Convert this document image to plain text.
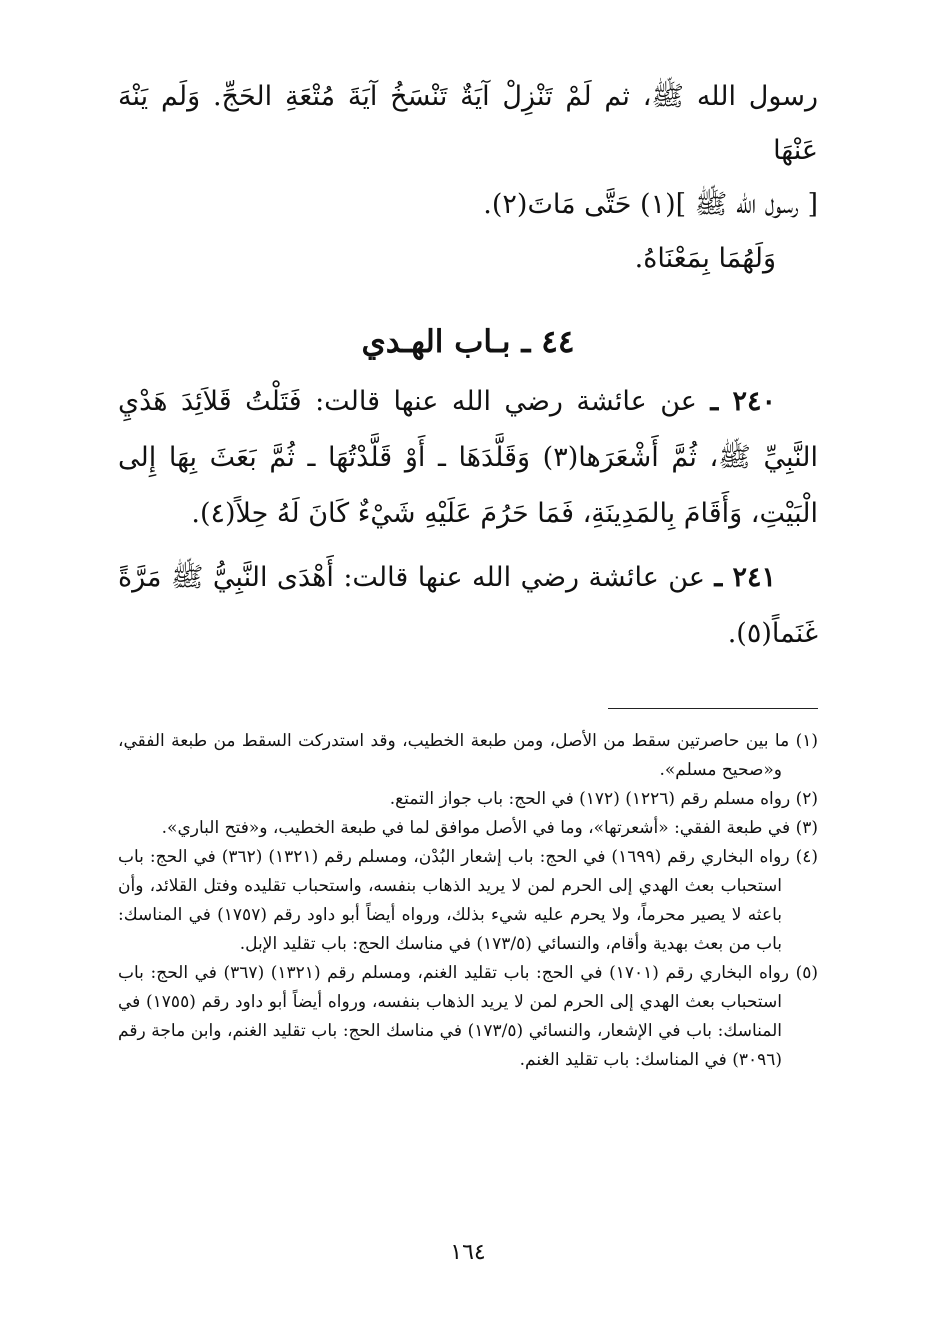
رسول الله ﷺ، ثم لَمْ تَنْزِلْ آيَةٌ تَنْسَخُ آيَةَ مُتْعَةِ الحَجِّ. وَلَم يَنْهَ عَنْهَا

[ رسول الله ﷺ ](١) حَتَّى مَاتَ(٢).

وَلَهُمَا بِمَعْنَاهُ.

٤٤ ـ بـاب الهـدي

٢٤٠ ـ عن عائشة رضي الله عنها قالت: فَتَلْتُ قَلاَئِدَ هَدْيِ النَّبِيِّ ﷺ، ثُمَّ أَشْعَرَها(٣) وَقَلَّدَهَا ـ أَوْ قَلَّدْتُهَا ـ ثُمَّ بَعَثَ بِهَا إِلى الْبَيْتِ، وَأَقَامَ بِالمَدِينَةِ، فَمَا حَرُمَ عَلَيْهِ شَيْءٌ كَانَ لَهُ حِلاً(٤).

٢٤١ ـ عن عائشة رضي الله عنها قالت: أَهْدَى النَّبِيُّ ﷺ مَرَّةً غَنَماً(٥).

(١) ما بين حاصرتين سقط من الأصل، ومن طبعة الخطيب، وقد استدركت السقط من طبعة الفقي، و«صحيح مسلم».

(٢) رواه مسلم رقم (١٢٢٦) (١٧٢) في الحج: باب جواز التمتع.

(٣) في طبعة الفقي: «أشعرتها»، وما في الأصل موافق لما في طبعة الخطيب، و«فتح الباري».

(٤) رواه البخاري رقم (١٦٩٩) في الحج: باب إشعار البُدْن، ومسلم رقم (١٣٢١) (٣٦٢) في الحج: باب استحباب بعث الهدي إلى الحرم لمن لا يريد الذهاب بنفسه، واستحباب تقليده وفتل القلائد، وأن باعثه لا يصير محرماً، ولا يحرم عليه شيء بذلك، ورواه أيضاً أبو داود رقم (١٧٥٧) في المناسك: باب من بعث بهدية وأقام، والنسائي (١٧٣/٥) في مناسك الحج: باب تقليد الإبل.

(٥) رواه البخاري رقم (١٧٠١) في الحج: باب تقليد الغنم، ومسلم رقم (١٣٢١) (٣٦٧) في الحج: باب استحباب بعث الهدي إلى الحرم لمن لا يريد الذهاب بنفسه، ورواه أيضاً أبو داود رقم (١٧٥٥) في المناسك: باب في الإشعار، والنسائي (١٧٣/٥) في مناسك الحج: باب تقليد الغنم، وابن ماجة رقم (٣٠٩٦) في المناسك: باب تقليد الغنم.

١٦٤
